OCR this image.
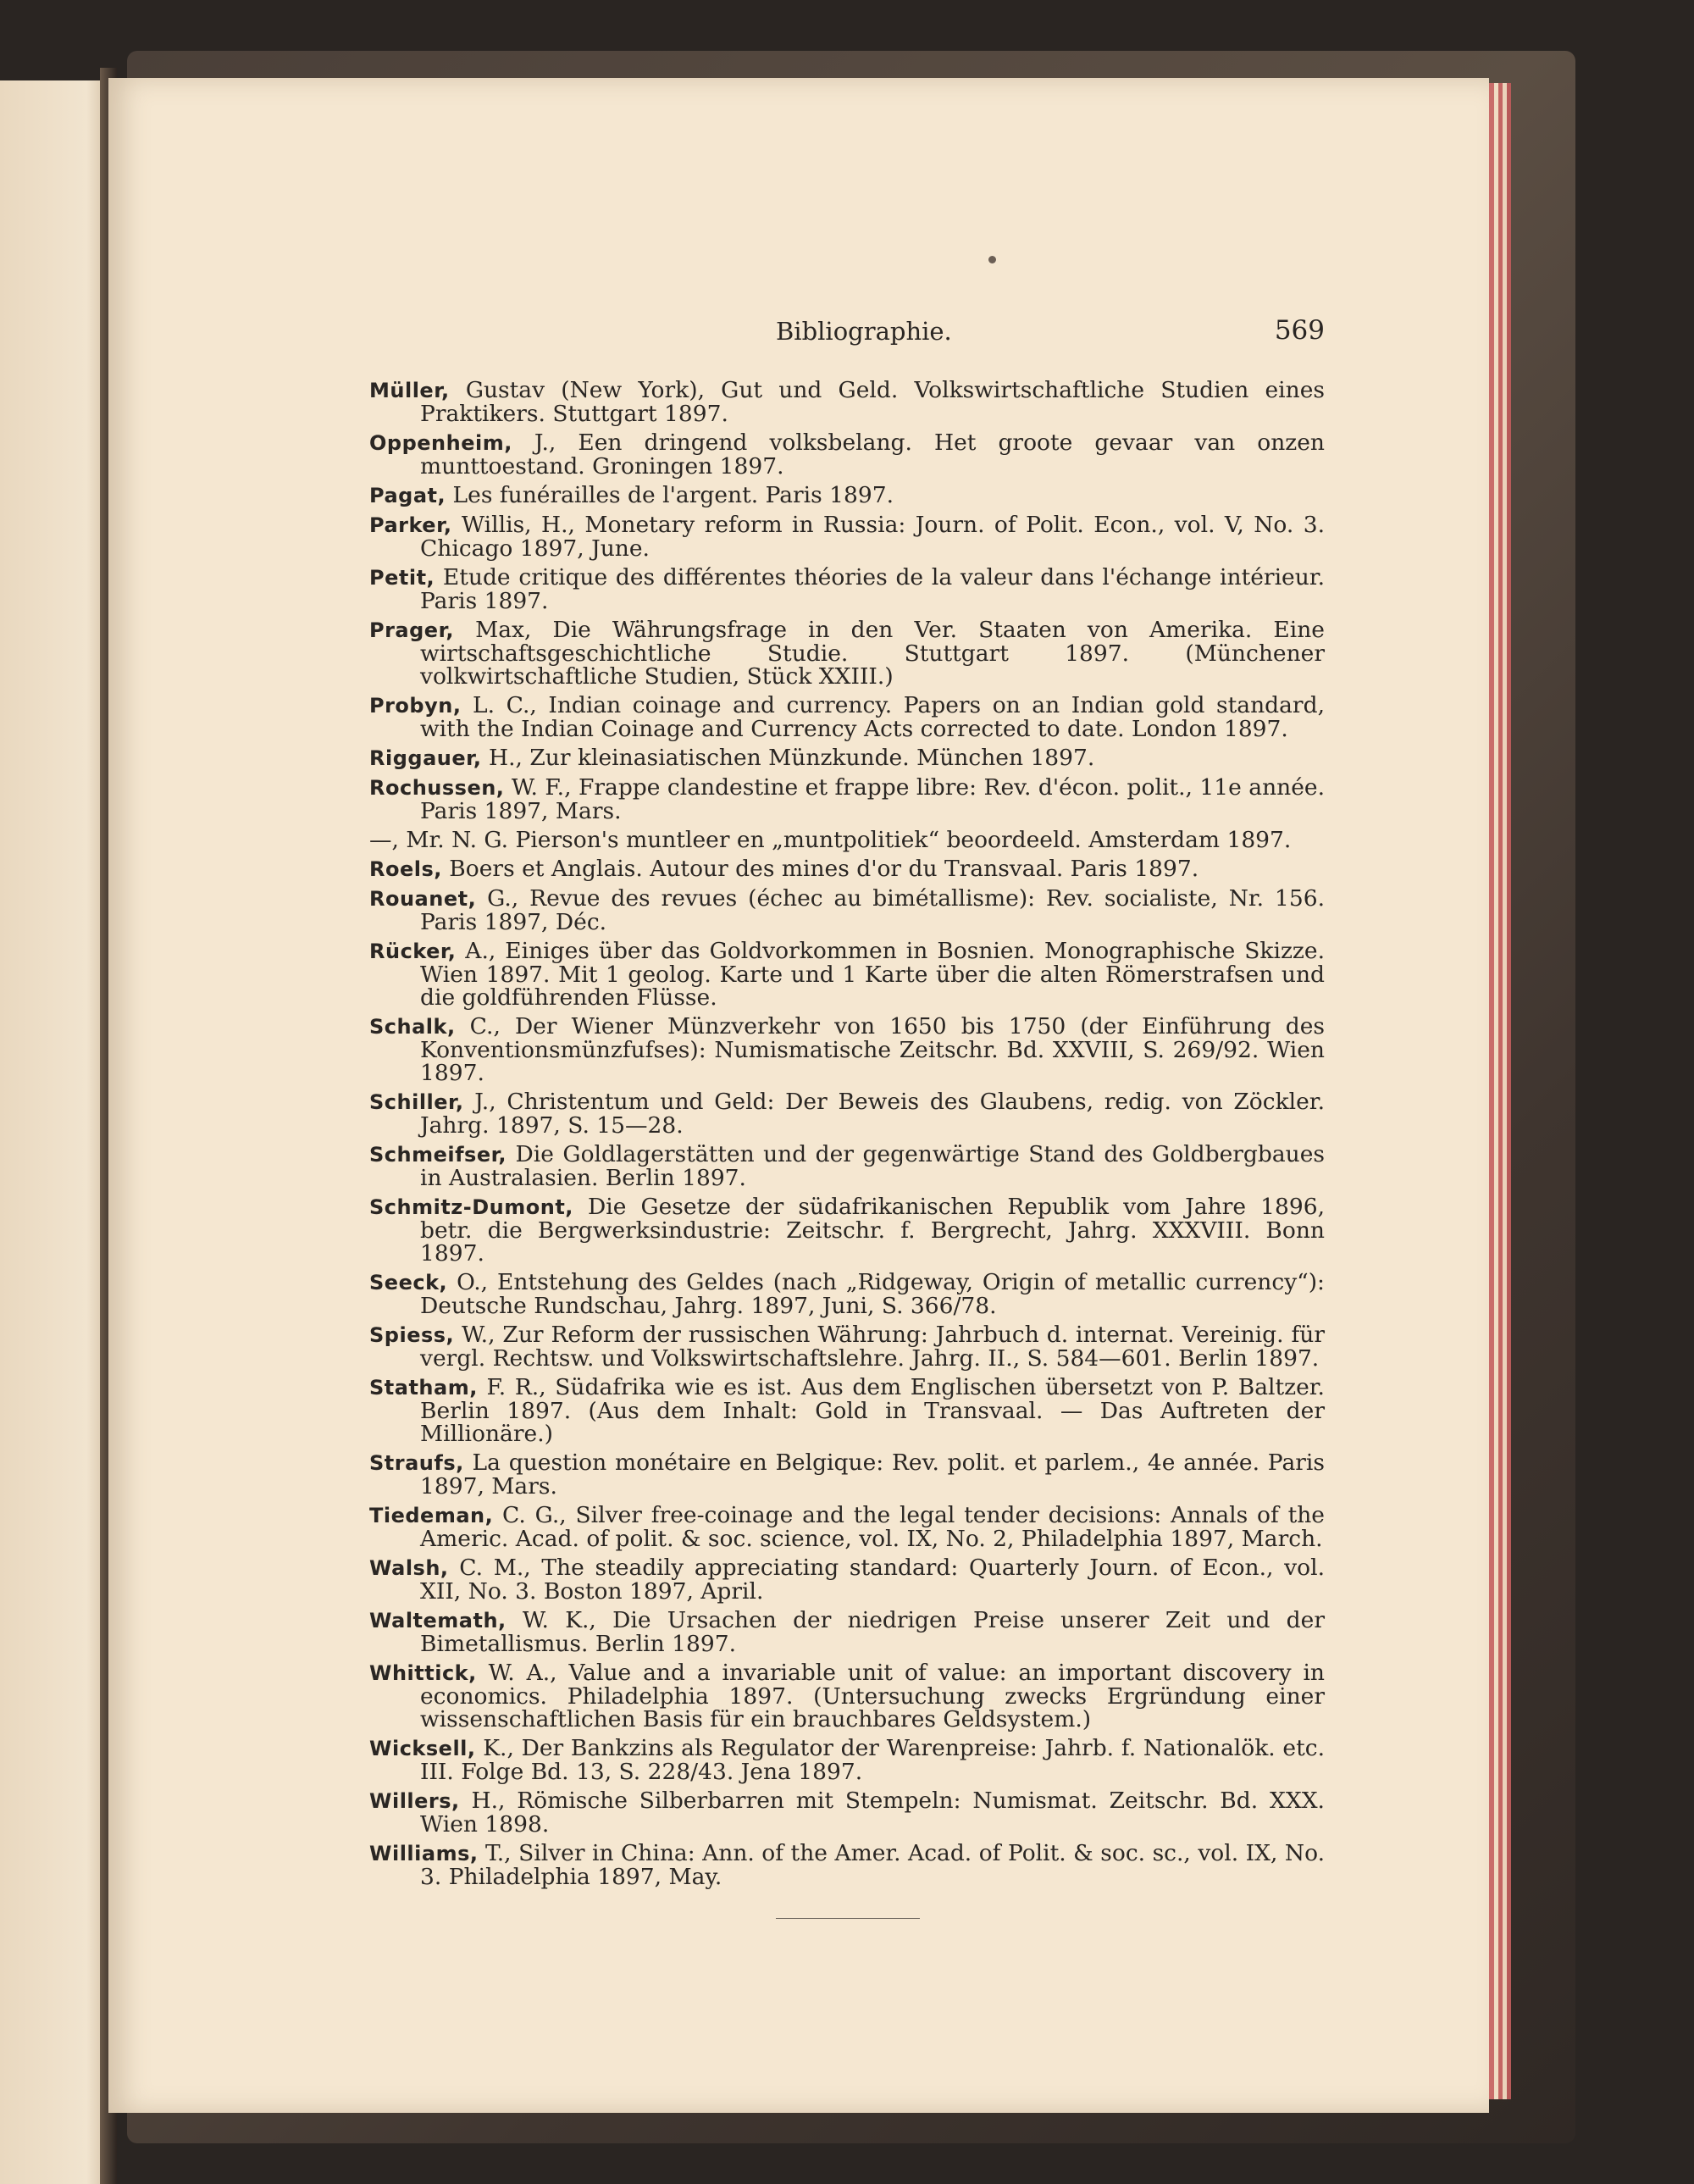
Bibliographie.	569
Müller, Gustav (New York), Gut und Geld. Volkswirtschaftliche Studien eines Praktikers. Stuttgart 1897.
Oppenheim, J., Een dringend volksbelang. Het groote gevaar van onzen munttoestand. Groningen 1897.
Pagat, Les funérailles de l'argent. Paris 1897.
Parker, Willis, H., Monetary reform in Russia: Journ. of Polit. Econ., vol. V, No. 3. Chicago 1897, June.
Petit, Etude critique des différentes théories de la valeur dans l'échange intérieur. Paris 1897.
Prager, Max, Die Währungsfrage in den Ver. Staaten von Amerika. Eine wirtschaftsgeschichtliche Studie. Stuttgart 1897. (Münchener volkwirtschaftliche Studien, Stück XXIII.)
Probyn, L. C., Indian coinage and currency. Papers on an Indian gold standard, with the Indian Coinage and Currency Acts corrected to date. London 1897.
Riggauer, H., Zur kleinasiatischen Münzkunde. München 1897.
Rochussen, W. F., Frappe clandestine et frappe libre: Rev. d'écon. polit., 11e année. Paris 1897, Mars.
—, Mr. N. G. Pierson's muntleer en „muntpolitiek“ beoordeeld. Amsterdam 1897.
Roels, Boers et Anglais. Autour des mines d'or du Transvaal. Paris 1897.
Rouanet, G., Revue des revues (échec au bimétallisme): Rev. socialiste, Nr. 156. Paris 1897, Déc.
Rücker, A., Einiges über das Goldvorkommen in Bosnien. Monographische Skizze. Wien 1897. Mit 1 geolog. Karte und 1 Karte über die alten Römerstrafsen und die goldführenden Flüsse.
Schalk, C., Der Wiener Münzverkehr von 1650 bis 1750 (der Einführung des Konventionsmünzfufses): Numismatische Zeitschr. Bd. XXVIII, S. 269/92. Wien 1897.
Schiller, J., Christentum und Geld: Der Beweis des Glaubens, redig. von Zöckler. Jahrg. 1897, S. 15—28.
Schmeifser, Die Goldlagerstätten und der gegenwärtige Stand des Goldbergbaues in Australasien. Berlin 1897.
Schmitz-Dumont, Die Gesetze der südafrikanischen Republik vom Jahre 1896, betr. die Bergwerksindustrie: Zeitschr. f. Bergrecht, Jahrg. XXXVIII. Bonn 1897.
Seeck, O., Entstehung des Geldes (nach „Ridgeway, Origin of metallic currency“): Deutsche Rundschau, Jahrg. 1897, Juni, S. 366/78.
Spiess, W., Zur Reform der russischen Währung: Jahrbuch d. internat. Vereinig. für vergl. Rechtsw. und Volkswirtschaftslehre. Jahrg. II., S. 584—601. Berlin 1897.
Statham, F. R., Südafrika wie es ist. Aus dem Englischen übersetzt von P. Baltzer. Berlin 1897. (Aus dem Inhalt: Gold in Transvaal. — Das Auftreten der Millionäre.)
Straufs, La question monétaire en Belgique: Rev. polit. et parlem., 4e année. Paris 1897, Mars.
Tiedeman, C. G., Silver free-coinage and the legal tender decisions: Annals of the Americ. Acad. of polit. & soc. science, vol. IX, No. 2, Philadelphia 1897, March.
Walsh, C. M., The steadily appreciating standard: Quarterly Journ. of Econ., vol. XII, No. 3. Boston 1897, April.
Waltemath, W. K., Die Ursachen der niedrigen Preise unserer Zeit und der Bimetallismus. Berlin 1897.
Whittick, W. A., Value and a invariable unit of value: an important discovery in economics. Philadelphia 1897. (Untersuchung zwecks Ergründung einer wissenschaftlichen Basis für ein brauchbares Geldsystem.)
Wicksell, K., Der Bankzins als Regulator der Warenpreise: Jahrb. f. Nationalök. etc. III. Folge Bd. 13, S. 228/43. Jena 1897.
Willers, H., Römische Silberbarren mit Stempeln: Numismat. Zeitschr. Bd. XXX. Wien 1898.
Williams, T., Silver in China: Ann. of the Amer. Acad. of Polit. & soc. sc., vol. IX, No. 3. Philadelphia 1897, May.
